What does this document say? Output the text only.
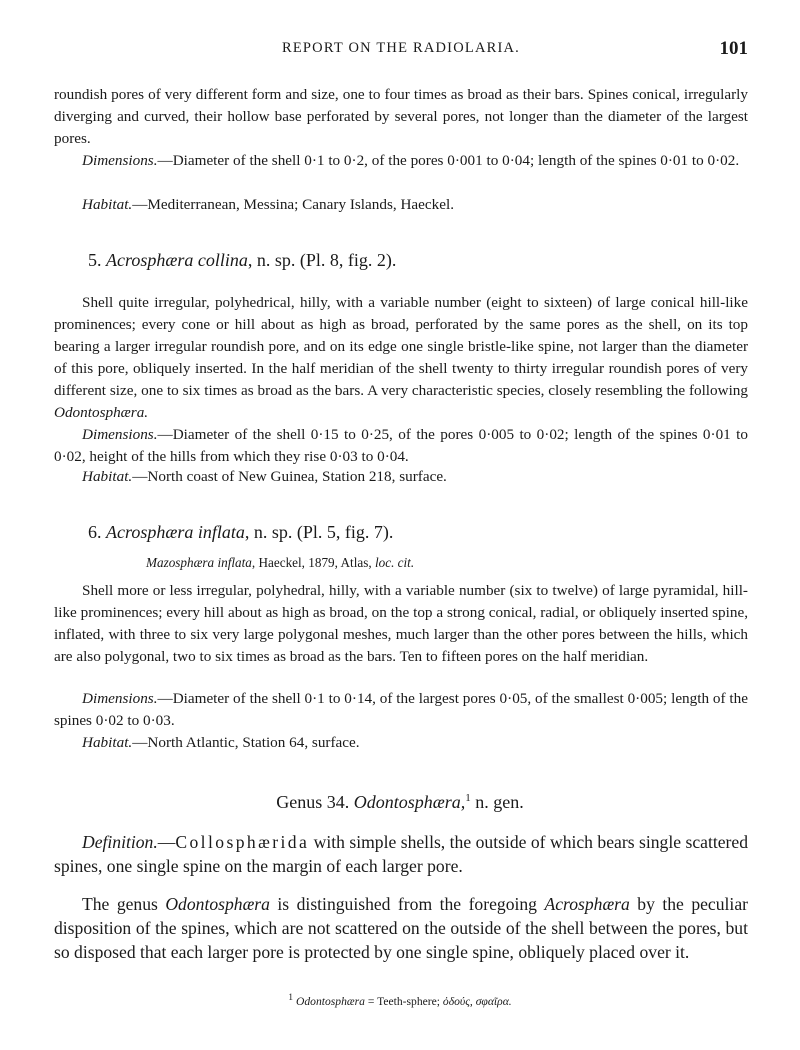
REPORT ON THE RADIOLARIA.	101

roundish pores of very different form and size, one to four times as broad as their bars. Spines conical, irregularly diverging and curved, their hollow base perforated by several pores, not longer than the diameter of the largest pores.

Dimensions.—Diameter of the shell 0·1 to 0·2, of the pores 0·001 to 0·04; length of the spines 0·01 to 0·02.

Habitat.—Mediterranean, Messina; Canary Islands, Haeckel.

5. Acrosphæra collina, n. sp. (Pl. 8, fig. 2).

Shell quite irregular, polyhedrical, hilly, with a variable number (eight to sixteen) of large conical hill-like prominences; every cone or hill about as high as broad, perforated by the same pores as the shell, on its top bearing a larger irregular roundish pore, and on its edge one single bristle-like spine, not larger than the diameter of this pore, obliquely inserted. In the half meridian of the shell twenty to thirty irregular roundish pores of very different size, one to six times as broad as the bars. A very characteristic species, closely resembling the following Odontosphæra.

Dimensions.—Diameter of the shell 0·15 to 0·25, of the pores 0·005 to 0·02; length of the spines 0·01 to 0·02, height of the hills from which they rise 0·03 to 0·04.

Habitat.—North coast of New Guinea, Station 218, surface.

6. Acrosphæra inflata, n. sp. (Pl. 5, fig. 7).
Mazosphæra inflata, Haeckel, 1879, Atlas, loc. cit.

Shell more or less irregular, polyhedral, hilly, with a variable number (six to twelve) of large pyramidal, hill-like prominences; every hill about as high as broad, on the top a strong conical, radial, or obliquely inserted spine, inflated, with three to six very large polygonal meshes, much larger than the other pores between the hills, which are also polygonal, two to six times as broad as the bars. Ten to fifteen pores on the half meridian.

Dimensions.—Diameter of the shell 0·1 to 0·14, of the largest pores 0·05, of the smallest 0·005; length of the spines 0·02 to 0·03.

Habitat.—North Atlantic, Station 64, surface.

Genus 34. Odontosphæra,$^1$ n. gen.

Definition.—Collosphærida with simple shells, the outside of which bears single scattered spines, one single spine on the margin of each larger pore.

The genus Odontosphæra is distinguished from the foregoing Acrosphæra by the peculiar disposition of the spines, which are not scattered on the outside of the shell between the pores, but so disposed that each larger pore is protected by one single spine, obliquely placed over it.

$^1$ Odontosphæra = Teeth-sphere; ὀδούς, σφαῖρα.
